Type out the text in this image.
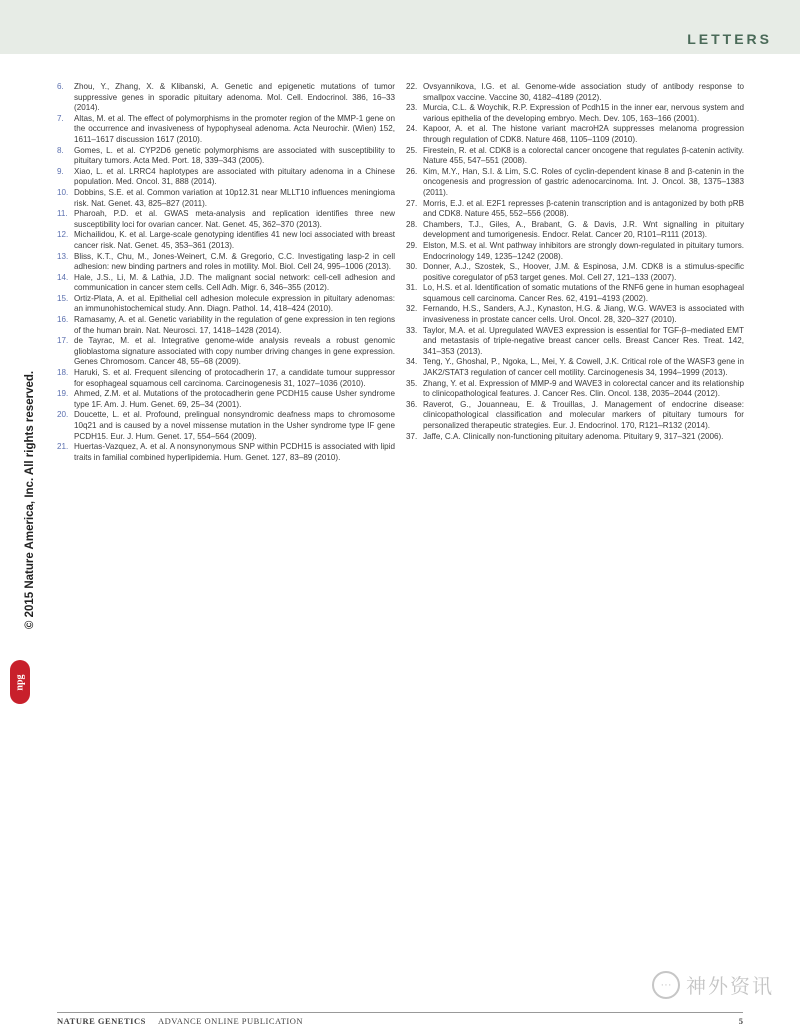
LETTERS
© 2015 Nature America, Inc. All rights reserved.
npg
6.	Zhou, Y., Zhang, X. & Klibanski, A. Genetic and epigenetic mutations of tumor suppressive genes in sporadic pituitary adenoma. Mol. Cell. Endocrinol. 386, 16–33 (2014).
7.	Altas, M. et al. The effect of polymorphisms in the promoter region of the MMP-1 gene on the occurrence and invasiveness of hypophyseal adenoma. Acta Neurochir. (Wien) 152, 1611–1617 discussion 1617 (2010).
8.	Gomes, L. et al. CYP2D6 genetic polymorphisms are associated with susceptibility to pituitary tumors. Acta Med. Port. 18, 339–343 (2005).
9.	Xiao, L. et al. LRRC4 haplotypes are associated with pituitary adenoma in a Chinese population. Med. Oncol. 31, 888 (2014).
10. Dobbins, S.E. et al. Common variation at 10p12.31 near MLLT10 influences meningioma risk. Nat. Genet. 43, 825–827 (2011).
11. Pharoah, P.D. et al. GWAS meta-analysis and replication identifies three new susceptibility loci for ovarian cancer. Nat. Genet. 45, 362–370 (2013).
12. Michailidou, K. et al. Large-scale genotyping identifies 41 new loci associated with breast cancer risk. Nat. Genet. 45, 353–361 (2013).
13. Bliss, K.T., Chu, M., Jones-Weinert, C.M. & Gregorio, C.C. Investigating lasp-2 in cell adhesion: new binding partners and roles in motility. Mol. Biol. Cell 24, 995–1006 (2013).
14. Hale, J.S., Li, M. & Lathia, J.D. The malignant social network: cell-cell adhesion and communication in cancer stem cells. Cell Adh. Migr. 6, 346–355 (2012).
15. Ortiz-Plata, A. et al. Epithelial cell adhesion molecule expression in pituitary adenomas: an immunohistochemical study. Ann. Diagn. Pathol. 14, 418–424 (2010).
16. Ramasamy, A. et al. Genetic variability in the regulation of gene expression in ten regions of the human brain. Nat. Neurosci. 17, 1418–1428 (2014).
17. de Tayrac, M. et al. Integrative genome-wide analysis reveals a robust genomic glioblastoma signature associated with copy number driving changes in gene expression. Genes Chromosom. Cancer 48, 55–68 (2009).
18. Haruki, S. et al. Frequent silencing of protocadherin 17, a candidate tumour suppressor for esophageal squamous cell carcinoma. Carcinogenesis 31, 1027–1036 (2010).
19. Ahmed, Z.M. et al. Mutations of the protocadherin gene PCDH15 cause Usher syndrome type 1F. Am. J. Hum. Genet. 69, 25–34 (2001).
20. Doucette, L. et al. Profound, prelingual nonsyndromic deafness maps to chromosome 10q21 and is caused by a novel missense mutation in the Usher syndrome type IF gene PCDH15. Eur. J. Hum. Genet. 17, 554–564 (2009).
21. Huertas-Vazquez, A. et al. A nonsynonymous SNP within PCDH15 is associated with lipid traits in familial combined hyperlipidemia. Hum. Genet. 127, 83–89 (2010).
22. Ovsyannikova, I.G. et al. Genome-wide association study of antibody response to smallpox vaccine. Vaccine 30, 4182–4189 (2012).
23. Murcia, C.L. & Woychik, R.P. Expression of Pcdh15 in the inner ear, nervous system and various epithelia of the developing embryo. Mech. Dev. 105, 163–166 (2001).
24. Kapoor, A. et al. The histone variant macroH2A suppresses melanoma progression through regulation of CDK8. Nature 468, 1105–1109 (2010).
25. Firestein, R. et al. CDK8 is a colorectal cancer oncogene that regulates β-catenin activity. Nature 455, 547–551 (2008).
26. Kim, M.Y., Han, S.I. & Lim, S.C. Roles of cyclin-dependent kinase 8 and β-catenin in the oncogenesis and progression of gastric adenocarcinoma. Int. J. Oncol. 38, 1375–1383 (2011).
27. Morris, E.J. et al. E2F1 represses β-catenin transcription and is antagonized by both pRB and CDK8. Nature 455, 552–556 (2008).
28. Chambers, T.J., Giles, A., Brabant, G. & Davis, J.R. Wnt signalling in pituitary development and tumorigenesis. Endocr. Relat. Cancer 20, R101–R111 (2013).
29. Elston, M.S. et al. Wnt pathway inhibitors are strongly down-regulated in pituitary tumors. Endocrinology 149, 1235–1242 (2008).
30. Donner, A.J., Szostek, S., Hoover, J.M. & Espinosa, J.M. CDK8 is a stimulus-specific positive coregulator of p53 target genes. Mol. Cell 27, 121–133 (2007).
31. Lo, H.S. et al. Identification of somatic mutations of the RNF6 gene in human esophageal squamous cell carcinoma. Cancer Res. 62, 4191–4193 (2002).
32. Fernando, H.S., Sanders, A.J., Kynaston, H.G. & Jiang, W.G. WAVE3 is associated with invasiveness in prostate cancer cells. Urol. Oncol. 28, 320–327 (2010).
33. Taylor, M.A. et al. Upregulated WAVE3 expression is essential for TGF-β–mediated EMT and metastasis of triple-negative breast cancer cells. Breast Cancer Res. Treat. 142, 341–353 (2013).
34. Teng, Y., Ghoshal, P., Ngoka, L., Mei, Y. & Cowell, J.K. Critical role of the WASF3 gene in JAK2/STAT3 regulation of cancer cell motility. Carcinogenesis 34, 1994–1999 (2013).
35. Zhang, Y. et al. Expression of MMP-9 and WAVE3 in colorectal cancer and its relationship to clinicopathological features. J. Cancer Res. Clin. Oncol. 138, 2035–2044 (2012).
36. Raverot, G., Jouanneau, E. & Trouillas, J. Management of endocrine disease: clinicopathological classification and molecular markers of pituitary tumours for personalized therapeutic strategies. Eur. J. Endocrinol. 170, R121–R132 (2014).
37. Jaffe, C.A. Clinically non-functioning pituitary adenoma. Pituitary 9, 317–321 (2006).
··· 神外资讯
NATURE GENETICS ADVANCE ONLINE PUBLICATION	5
